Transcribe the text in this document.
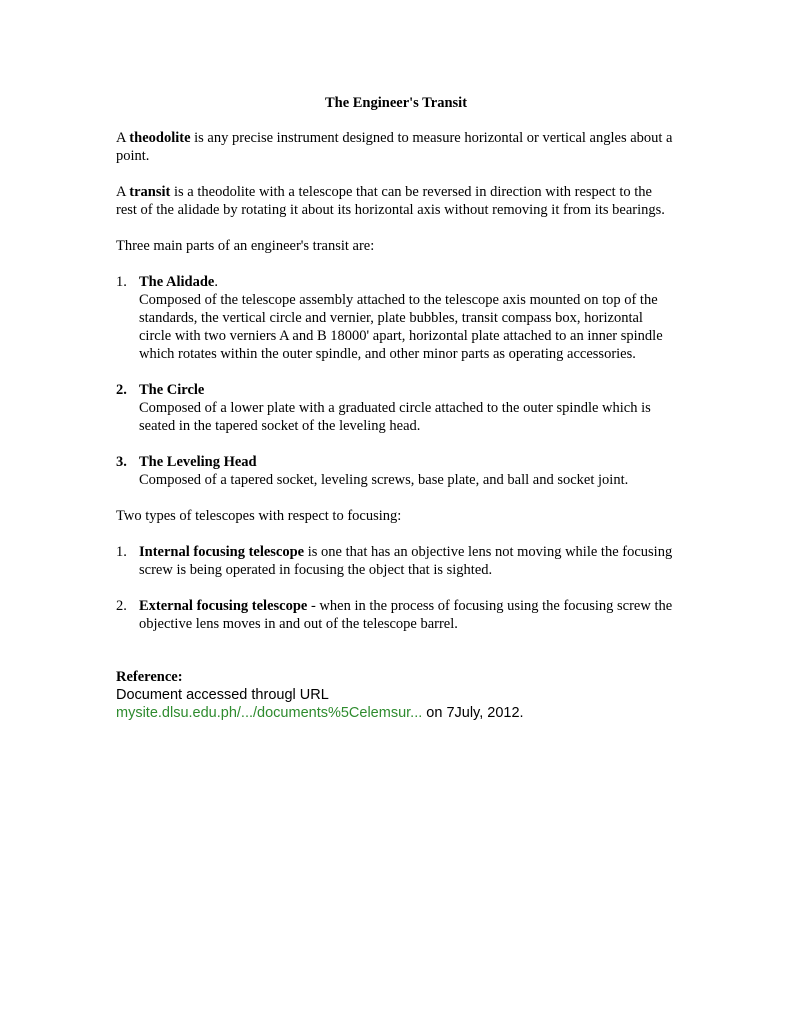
The Engineer's Transit

A theodolite is any precise instrument designed to measure horizontal or vertical angles about a point.

A transit is a theodolite with a telescope that can be reversed in direction with respect to the rest of the alidade by rotating it about its horizontal axis without removing it from its bearings.

Three main parts of an engineer's transit are:

1. The Alidade.
Composed of the telescope assembly attached to the telescope axis mounted on top of the standards, the vertical circle and vernier, plate bubbles, transit compass box, horizontal circle with two verniers A and B 18000' apart, horizontal plate attached to an inner spindle which rotates within the outer spindle, and other minor parts as operating accessories.
2. The Circle
Composed of a lower plate with a graduated circle attached to the outer spindle which is seated in the tapered socket of the leveling head.
3. The Leveling Head
Composed of a tapered socket, leveling screws, base plate, and ball and socket joint.

Two types of telescopes with respect to focusing:

1. Internal focusing telescope is one that has an objective lens not moving while the focusing screw is being operated in focusing the object that is sighted.
2. External focusing telescope - when in the process of focusing using the focusing screw the objective lens moves in and out of the telescope barrel.
Reference:
Document accessed througl URL
mysite.dlsu.edu.ph/.../documents%5Celemsur... on 7July, 2012.
